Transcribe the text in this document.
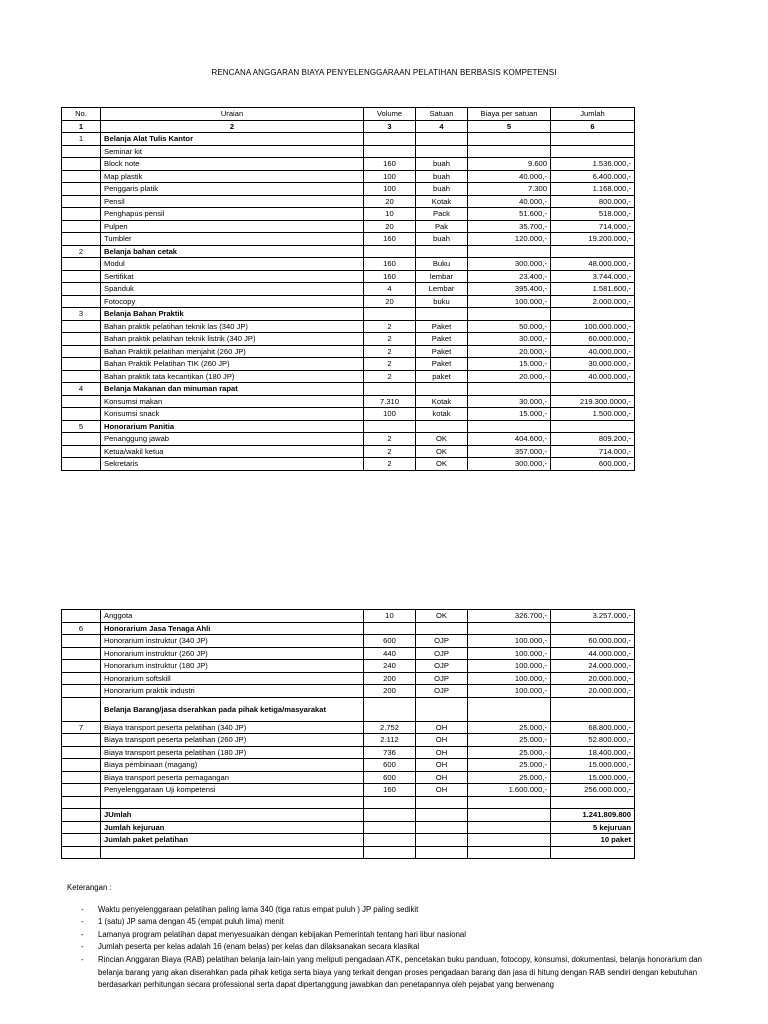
RENCANA ANGGARAN BIAYA PENYELENGGARAAN PELATIHAN BERBASIS KOMPETENSI
No.	Uraian	Volume	Satuan	Biaya per satuan	Jumlah
1	2	3	4	5	6
1	Belanja Alat Tulis Kantor				
	Seminar kit				
	Block note	160	buah	9.600	1.536.000,-
	Map plastik	100	buah	40.000,-	6.400.000,-
	Penggaris platik	100	buah	7.300	1.168.000,-
	Pensil	20	Kotak	40.000,-	800.000,-
	Penghapus pensil	10	Pack	51.600,-	518.000,-
	Pulpen	20	Pak	35.700,-	714.000,-
	Tumbler	160	buah	120.000,-	19.200.000,-
2	Belanja bahan cetak				
	Modul	160	Buku	300.000,-	48.000.000,-
	Sertifikat	160	lembar	23.400,-	3.744.000,-
	Spanduk	4	Lembar	395.400,-	1.581.600,-
	Fotocopy	20	buku	100.000,-	2.000.000,-
3	Belanja Bahan Praktik				
	Bahan praktik pelatihan teknik las (340 JP)	2	Paket	50.000,-	100.000.000,-
	Bahan praktik pelatihan teknik listrik (340 JP)	2	Paket	30.000,-	60.000.000,-
	Bahan Praktik pelatihan menjahit (260 JP)	2	Paket	20.000,-	40.000.000,-
	Bahan Praktik Pelatihan TIK (260 JP)	2	Paket	15.000,-	30.000.000,-
	Bahan praktik tata kecantikan (180 JP)	2	paket	20.000,-	40.000.000,-
4	Belanja Makanan dan minuman rapat				
	Konsumsi makan	7.310	Kotak	30.000,-	219.300.0000,-
	Konsumsi snack	100	kotak	15.000,-	1.500.000,-
5	Honorarium Panitia				
	Penanggung jawab	2	OK	404.600,-	809.200,-
	Ketua/wakil ketua	2	OK	357.000,-	714.000,-
	Sekretaris	2	OK	300.000,-	600.000,-
	Anggota	10	OK	326.700,-	3.257.000,-
6	Honorarium Jasa Tenaga Ahli				
	Honorarium instruktur (340 JP)	600	OJP	100.000,-	60.000.000,-
	Honorarium instruktur (260 JP)	440	OJP	100.000,-	44.000.000,-
	Honorarium instruktur (180 JP)	240	OJP	100.000,-	24.000.000,-
	Honorarium softskill	200	OJP	100.000,-	20.000.000,-
	Honorarium praktik industri	200	OJP	100.000,-	20.000.000,-
	Belanja Barang/jasa dserahkan pada pihak ketiga/masyarakat				
7	Biaya transport peserta pelatihan (340 JP)	2.752	OH	25.000,-	68.800.000,-
	Biaya transport peserta pelatihan (260 JP)	2.112	OH	25.000,-	52.800.000,-
	Biaya transport peserta pelatihan (180 JP)	736	OH	25.000,-	18.400.000,-
	Biaya pembinaan (magang)	600	OH	25.000,-	15.000.000,-
	Biaya transport peserta pemagangan	600	OH	25.000,-	15.000.000,-
	Penyelenggaraan Uji kompetensi	160	OH	1.600.000,-	256.000.000,-

	JUmlah				1.241.809.800
	Jumlah kejuruan				5 kejuruan
	Jumlah paket pelatihan				10 paket

Keterangan :
- Waktu penyelenggaraan pelatihan paling lama 340 (tiga ratus empat puluh ) JP paling sedikit
- 1 (satu) JP sama dengan 45 (empat puluh lima) menit
- Lamanya program pelatihan dapat menyesuaikan dengan kebijakan Pemerintah tentang hari libur nasional
- Jumlah peserta per kelas adalah 16 (enam belas) per kelas dan dilaksanakan secara klasikal
- Rincian Anggaran Biaya (RAB) pelatihan belanja lain-lain yang meliputi pengadaan ATK, pencetakan buku panduan, fotocopy, konsumsi, dokumentasi, belanja honorarium dan belanja barang yang akan diserahkan pada pihak ketiga serta biaya yang terkait dengan proses pengadaan barang dan jasa di hitung dengan RAB sendiri dengan kebutuhan berdasarkan perhitungan secara professional serta dapat dipertanggung jawabkan dan penetapannya oleh pejabat yang berwenang
